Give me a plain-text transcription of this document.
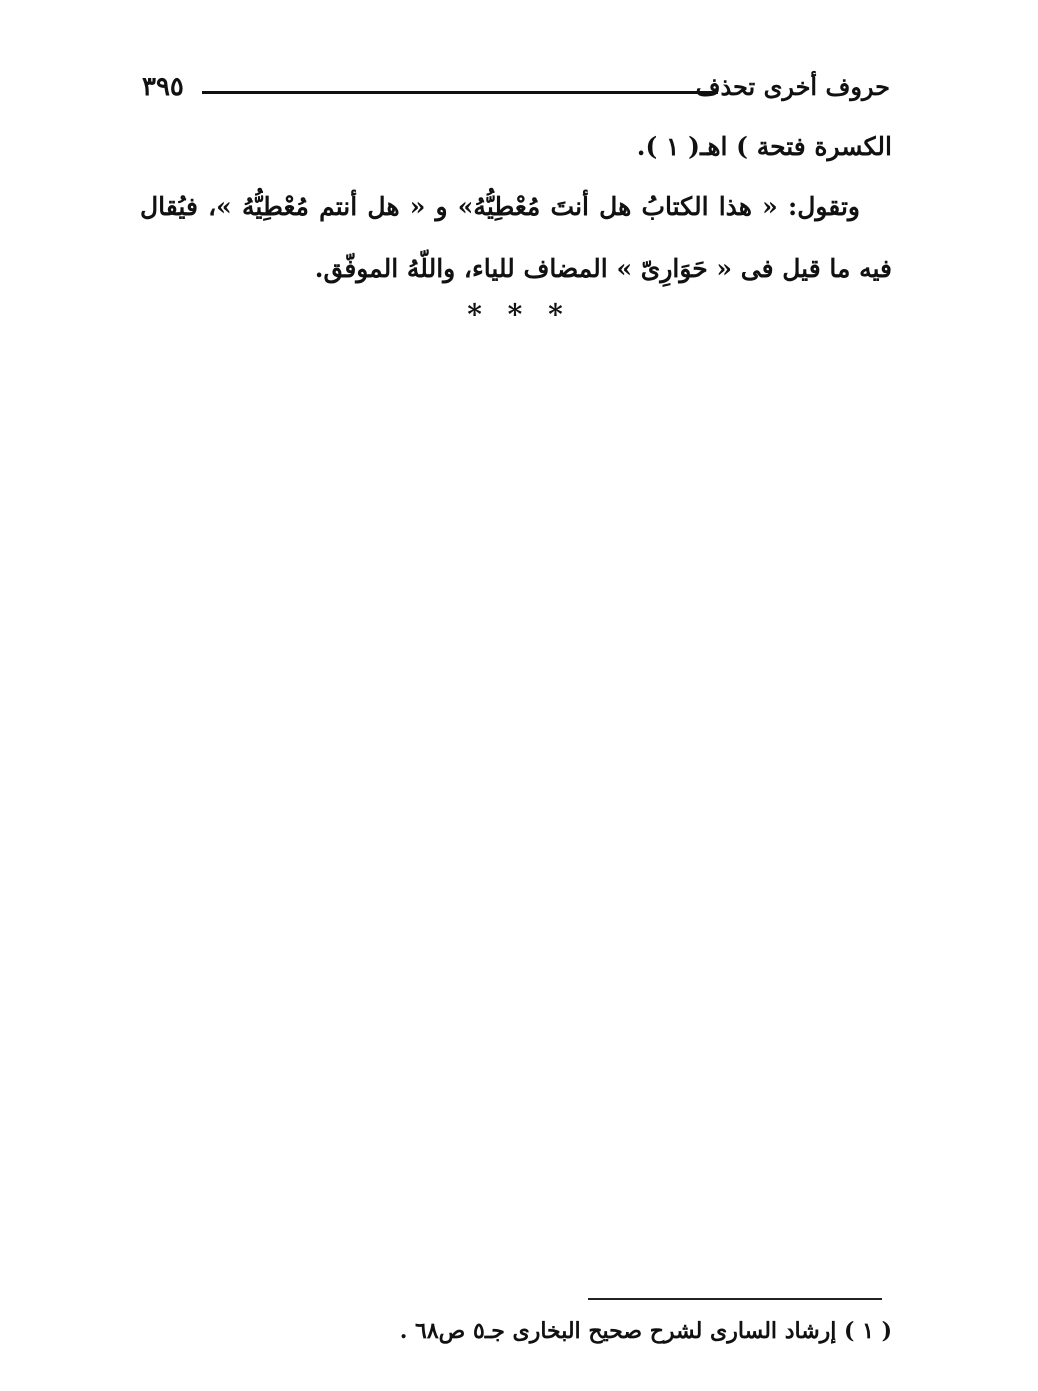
٣٩٥	حروف أخرى تحذف

الكسرة فتحة ) اهـ( ١ ).

وتقول: « هذا الكتابُ هل أنتَ مُعْطِيُّهُ» و « هل أنتم مُعْطِيُّهُ »، فيُقال فيه ما قيل فى « حَوَارِىّ » المضاف للياء، واللّهُ الموفّق.

* * *
( ١ ) إرشاد السارى لشرح صحيح البخارى جـ٥ ص٦٨ .
